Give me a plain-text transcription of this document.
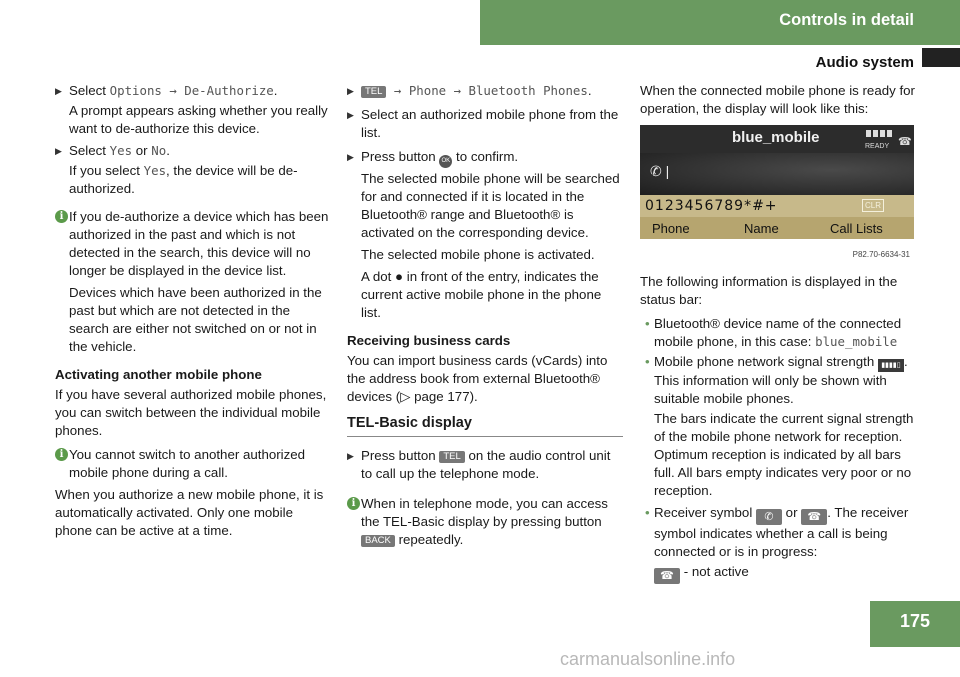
Controls in detail
Audio system
▶ Select Options → De-Authorize.
A prompt appears asking whether you really want to de-authorize this device.
▶ Select Yes or No.
If you select Yes, the device will be de-authorized.
i If you de-authorize a device which has been authorized in the past and which is not detected in the search, this device will no longer be displayed in the device list.
Devices which have been authorized in the past but which are not detected in the search are either not switched on or not in the vehicle.
Activating another mobile phone
If you have several authorized mobile phones, you can switch between the individual mobile phones.
i You cannot switch to another authorized mobile phone during a call.
When you authorize a new mobile phone, it is automatically activated. Only one mobile phone can be active at a time.
▶ TEL → Phone → Bluetooth Phones.
▶ Select an authorized mobile phone from the list.
▶ Press button OK to confirm.
The selected mobile phone will be searched for and connected if it is located in the Bluetooth® range and Bluetooth® is activated on the corresponding device.
The selected mobile phone is activated.
A dot ● in front of the entry, indicates the current active mobile phone in the phone list.
Receiving business cards
You can import business cards (vCards) into the address book from external Bluetooth® devices (▷ page 177).
TEL-Basic display
▶ Press button TEL on the audio control unit to call up the telephone mode.
i When in telephone mode, you can access the TEL-Basic display by pressing button BACK repeatedly.
When the connected mobile phone is ready for operation, the display will look like this:
blue_mobile
READY ☎
✆ |
0123456789*#+	CLR
Phone	Name	Call Lists
P82.70-6634-31
The following information is displayed in the status bar:
• Bluetooth® device name of the connected mobile phone, in this case: blue_mobile
• Mobile phone network signal strength ▮▮▮▮▯ . This information will only be shown with suitable mobile phones.
The bars indicate the current signal strength of the mobile phone network for reception. Optimum reception is indicated by all bars full. All bars empty indicates very poor or no reception.
• Receiver symbol ✆ or ☎ . The receiver symbol indicates whether a call is being connected or is in progress:
☎ - not active
175
carmanualsonline.info
